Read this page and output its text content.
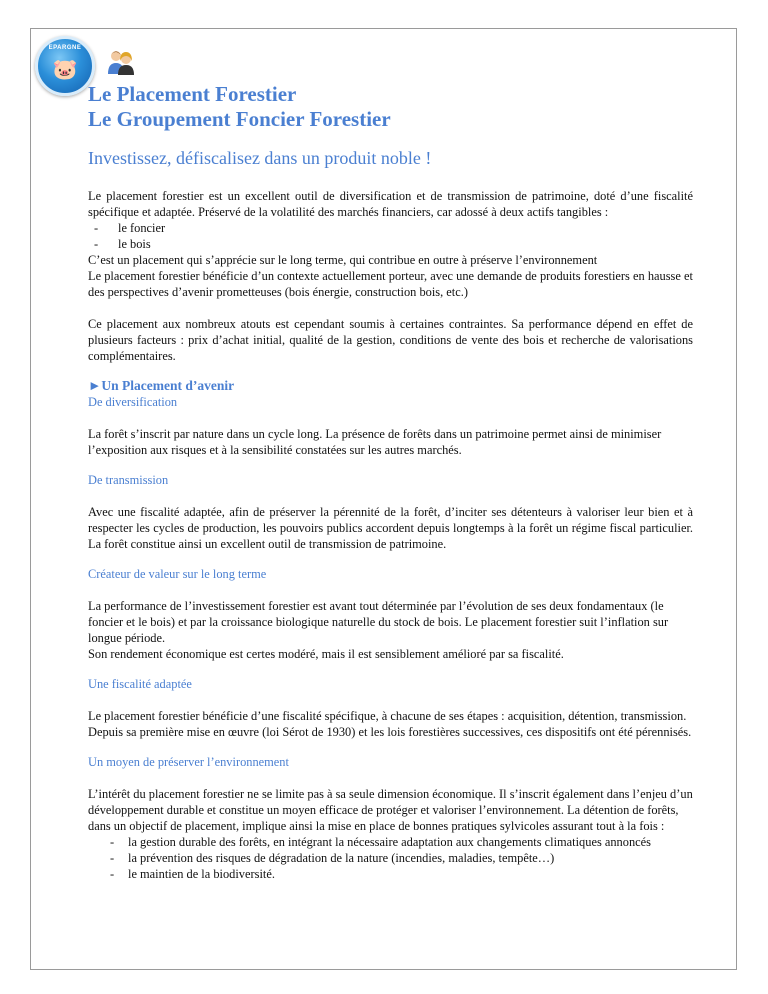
EPARGNE
🐷
Le Placement Forestier
Le Groupement Foncier Forestier
Investissez, défiscalisez dans un produit noble !

Le placement forestier est un excellent outil de diversification et de transmission de patrimoine, doté d’une fiscalité spécifique et adaptée. Préservé de la volatilité des marchés financiers, car adossé à deux actifs tangibles :

- le foncier
- le bois

C’est un placement qui s’apprécie sur le long terme, qui contribue en outre à préserve l’environnement

Le placement forestier bénéficie d’un contexte actuellement porteur, avec une demande de produits forestiers en hausse et des perspectives d’avenir prometteuses (bois énergie, construction bois, etc.)

Ce placement aux nombreux atouts est cependant soumis à certaines contraintes. Sa performance dépend en effet de plusieurs facteurs : prix d’achat initial, qualité de la gestion, conditions de vente des bois et recherche de valorisations complémentaires.

►Un Placement d’avenir
De diversification

La forêt s’inscrit par nature dans un cycle long. La présence de forêts dans un patrimoine permet ainsi de minimiser l’exposition aux risques et à la sensibilité constatées sur les autres marchés.

De transmission

Avec une fiscalité adaptée, afin de préserver la pérennité de la forêt, d’inciter ses détenteurs à valoriser leur bien et à respecter les cycles de production, les pouvoirs publics accordent depuis longtemps à la forêt un régime fiscal particulier. La forêt constitue ainsi un excellent outil de transmission de patrimoine.

Créateur de valeur sur le long terme

La performance de l’investissement forestier est avant tout déterminée par l’évolution de ses deux fondamentaux (le foncier et le bois) et par la croissance biologique naturelle du stock de bois. Le placement forestier suit l’inflation sur longue période.

Son rendement économique est certes modéré, mais il est sensiblement amélioré par sa fiscalité.

Une fiscalité adaptée

Le placement forestier bénéficie d’une fiscalité spécifique, à chacune de ses étapes : acquisition, détention, transmission.

Depuis sa première mise en œuvre (loi Sérot de 1930) et les lois forestières successives, ces dispositifs ont été pérennisés.

Un moyen de préserver l’environnement

L’intérêt du placement forestier ne se limite pas à sa seule dimension économique. Il s’inscrit également dans l’enjeu d’un développement durable et constitue un moyen efficace de protéger et valoriser l’environnement. La détention de forêts, dans un objectif de placement, implique ainsi la mise en place de bonnes pratiques sylvicoles assurant tout à la fois :

- la gestion durable des forêts, en intégrant la nécessaire adaptation aux changements climatiques annoncés
- la prévention des risques de dégradation de la nature (incendies, maladies, tempête…)
- le maintien de la biodiversité.
